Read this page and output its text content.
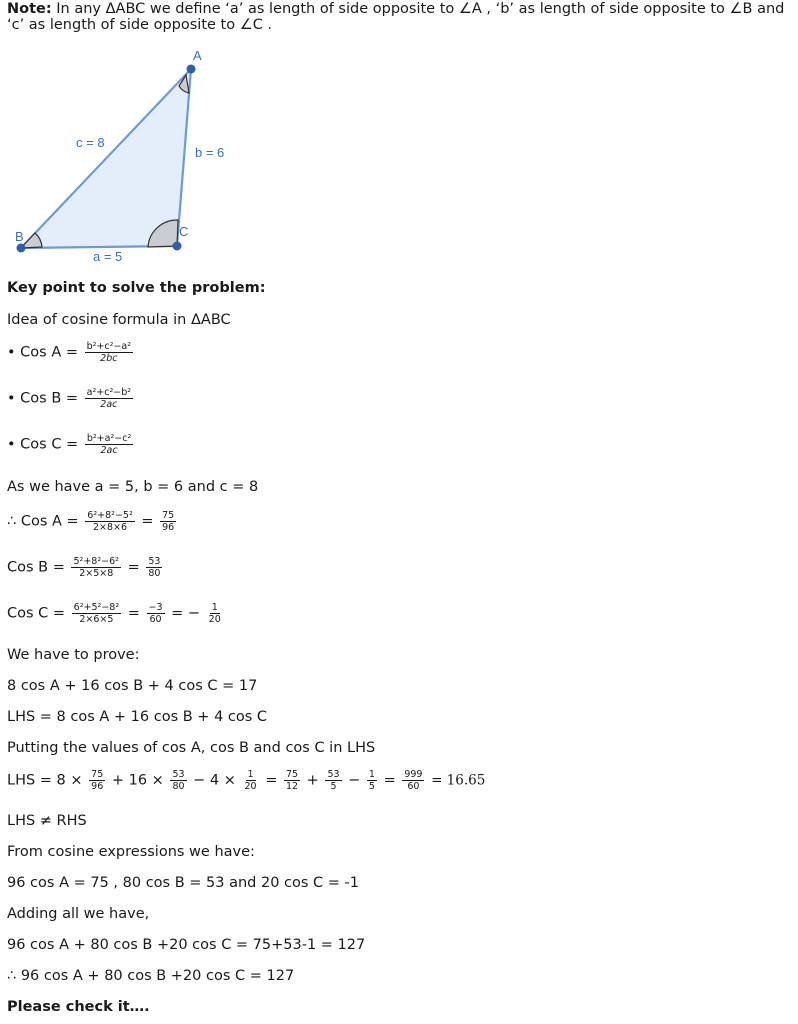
Note: In any ΔABC we define ‘a’ as length of side opposite to ∠A , ‘b’ as length of side opposite to ∠B and ‘c’ as length of side opposite to ∠C .
A
B	C
a = 5
b = 6
c = 8
Key point to solve the problem:
Idea of cosine formula in ΔABC
• Cos $A = \frac{\text{b²+c²−a²}}{2bc}$
• Cos $B = \frac{\text{a²+c²−b²}}{2ac}$
• Cos $C = \frac{\text{b²+a²−c²}}{2ac}$
As we have a = 5, b = 6 and c = 8
∴ Cos $A = \frac{\text{6²+8²−5²}}{2\times 8\times 6} = \frac{75}{96}$
Cos $B = \frac{\text{5²+8²−6²}}{2\times 5\times 8} = \frac{53}{80}$
Cos $C = \frac{\text{6²+5²−8²}}{2\times 6\times 5} = \frac{-3}{60}$ = − $\frac{1}{20}$
We have to prove:
8 cos A + 16 cos B + 4 cos C = 17
LHS = 8 cos A + 16 cos B + 4 cos C
Putting the values of cos A, cos B and cos C in LHS
LHS = $8 \times \frac{75}{96} + 16 \times \frac{53}{80} - 4 \times \frac{1}{20} = \frac{75}{12} + \frac{53}{5} - \frac{1}{5} = \frac{999}{60} = 16.65$
LHS ≠ RHS
From cosine expressions we have:
96 cos A = 75 , 80 cos B = 53 and 20 cos C = -1
Adding all we have,
96 cos A + 80 cos B +20 cos C = 75+53-1 = 127
∴ 96 cos A + 80 cos B +20 cos C = 127
Please check it….
